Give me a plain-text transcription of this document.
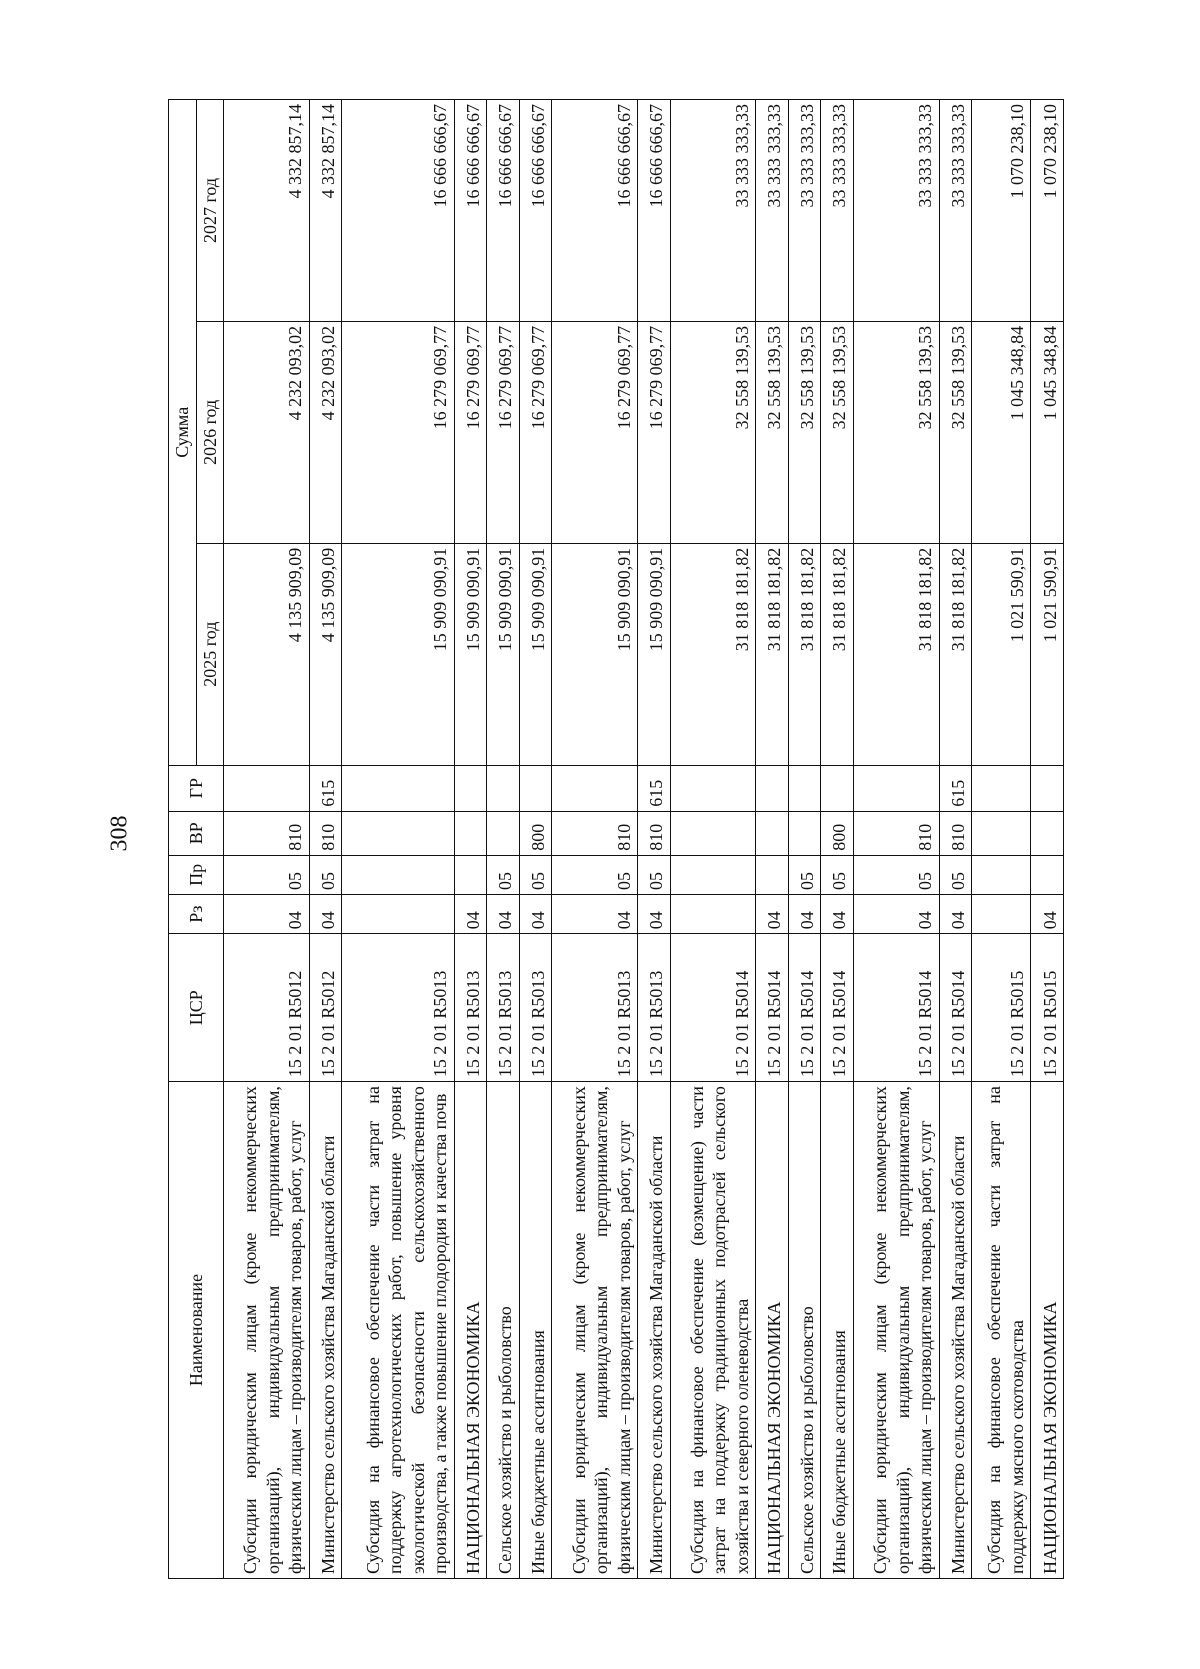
308
Наименование	ЦСР	Рз	Пр	ВР	ГР	Сумма		
						2025 год	2026 год	2027 год
Субсидии юридическим лицам (кроме некоммерческих организаций), индивидуальным предпринимателям, физическим лицам – производителям товаров, работ, услуг	15 2 01 R5012	04	05	810		4 135 909,09	4 232 093,02	4 332 857,14
Министерство сельского хозяйства Магаданской области	15 2 01 R5012	04	05	810	615	4 135 909,09	4 232 093,02	4 332 857,14
Субсидия на финансовое обеспечение части затрат на поддержку агротехнологических работ, повышение уровня экологической безопасности сельскохозяйственного производства, а также повышение плодородия и качества почв	15 2 01 R5013					15 909 090,91	16 279 069,77	16 666 666,67
НАЦИОНАЛЬНАЯ ЭКОНОМИКА	15 2 01 R5013	04				15 909 090,91	16 279 069,77	16 666 666,67
Сельское хозяйство и рыболовство	15 2 01 R5013	04	05			15 909 090,91	16 279 069,77	16 666 666,67
Иные бюджетные ассигнования	15 2 01 R5013	04	05	800		15 909 090,91	16 279 069,77	16 666 666,67
Субсидии юридическим лицам (кроме некоммерческих организаций), индивидуальным предпринимателям, физическим лицам – производителям товаров, работ, услуг	15 2 01 R5013	04	05	810		15 909 090,91	16 279 069,77	16 666 666,67
Министерство сельского хозяйства Магаданской области	15 2 01 R5013	04	05	810	615	15 909 090,91	16 279 069,77	16 666 666,67
Субсидия на финансовое обеспечение (возмещение) части затрат на поддержку традиционных подотраслей сельского хозяйства и северного оленеводства	15 2 01 R5014					31 818 181,82	32 558 139,53	33 333 333,33
НАЦИОНАЛЬНАЯ ЭКОНОМИКА	15 2 01 R5014	04				31 818 181,82	32 558 139,53	33 333 333,33
Сельское хозяйство и рыболовство	15 2 01 R5014	04	05			31 818 181,82	32 558 139,53	33 333 333,33
Иные бюджетные ассигнования	15 2 01 R5014	04	05	800		31 818 181,82	32 558 139,53	33 333 333,33
Субсидии юридическим лицам (кроме некоммерческих организаций), индивидуальным предпринимателям, физическим лицам – производителям товаров, работ, услуг	15 2 01 R5014	04	05	810		31 818 181,82	32 558 139,53	33 333 333,33
Министерство сельского хозяйства Магаданской области	15 2 01 R5014	04	05	810	615	31 818 181,82	32 558 139,53	33 333 333,33
Субсидия на финансовое обеспечение части затрат на поддержку мясного скотоводства	15 2 01 R5015					1 021 590,91	1 045 348,84	1 070 238,10
НАЦИОНАЛЬНАЯ ЭКОНОМИКА	15 2 01 R5015	04				1 021 590,91	1 045 348,84	1 070 238,10
